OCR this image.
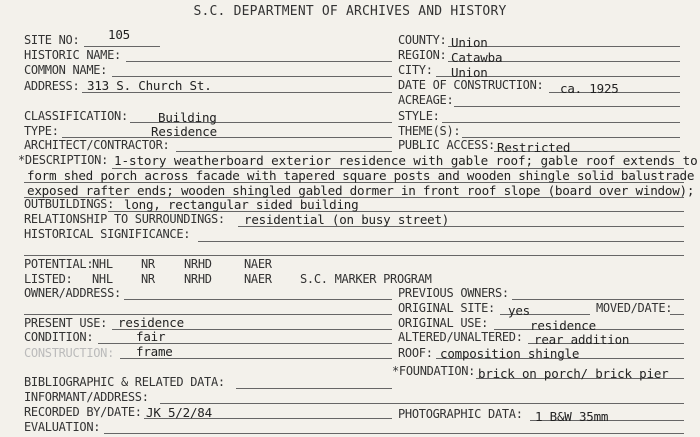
S.C. DEPARTMENT OF ARCHIVES AND HISTORY
SITE NO: 105
HISTORIC NAME:
COMMON NAME:
ADDRESS: 313 S. Church St.
COUNTY: Union
REGION: Catawba
CITY: Union
DATE OF CONSTRUCTION: ca. 1925
ACREAGE:
CLASSIFICATION: Building
TYPE:	Residence
ARCHITECT/CONTRACTOR:
STYLE:
THEME(S):
PUBLIC ACCESS: Restricted
*DESCRIPTION: 1-story weatherboard exterior residence with gable roof; gable roof extends to
form shed porch across facade with tapered square posts and wooden shingle solid balustrade
exposed rafter ends; wooden shingled gabled dormer in front roof slope (board over window);
OUTBUILDINGS: long, rectangular sided building
RELATIONSHIP TO SURROUNDINGS: residential (on busy street)
HISTORICAL SIGNIFICANCE:
POTENTIAL:
NHL NR NRHD	NAER
LISTED: NHL NR NRHD	NAER S.C. MARKER PROGRAM
OWNER/ADDRESS:	PREVIOUS OWNERS:
ORIGINAL SITE: yes	MOVED/DATE:
PRESENT USE: residence	ORIGINAL USE:	residence
CONDITION:	fair	ALTERED/UNALTERED: rear addition
CONSTRUCTION: frame	ROOF: composition shingle
*FOUNDATION: brick on porch/ brick pier
BIBLIOGRAPHIC & RELATED DATA:
INFORMANT/ADDRESS:
RECORDED BY/DATE: JK 5/2/84	PHOTOGRAPHIC DATA: 1 B&W 35mm
EVALUATION:
